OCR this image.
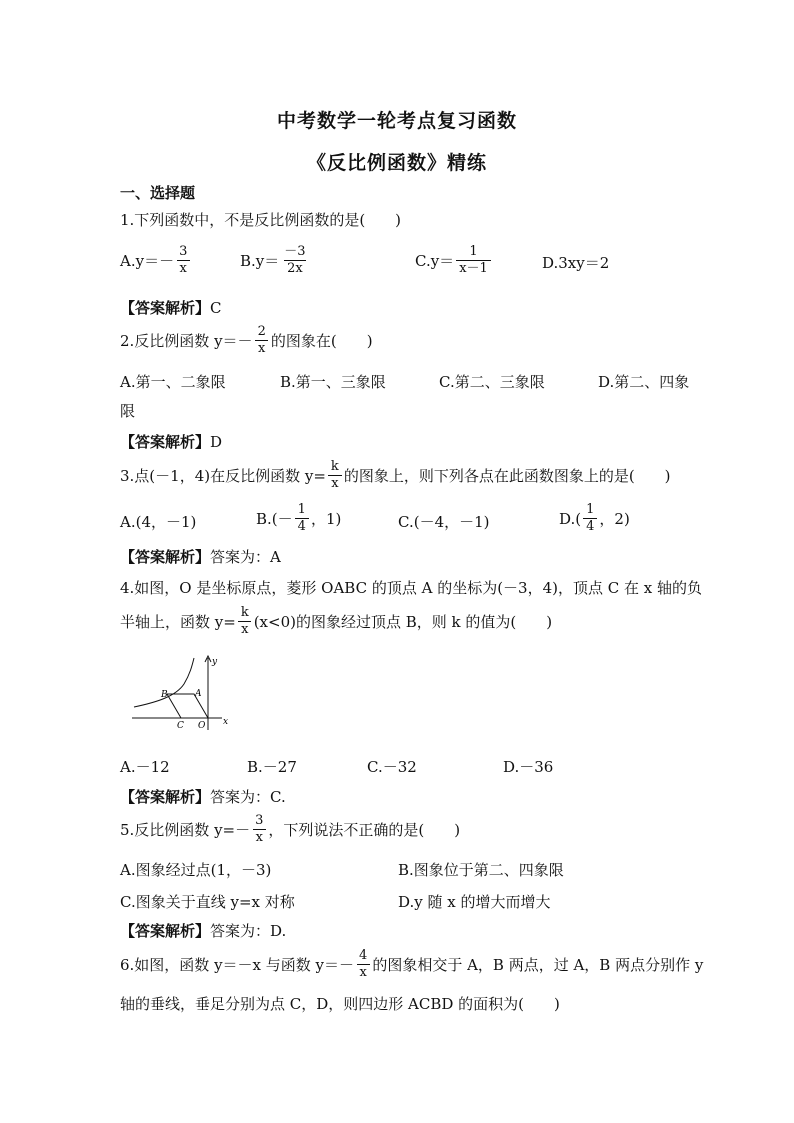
中考数学一轮考点复习函数
《反比例函数》精练
一、选择题
1.下列函数中，不是反比例函数的是(　　)
$A.y=- \frac{3}{x}$	$B.y= \frac{-3}{2x}$	$C.y= \frac{1}{x-1}$	D.3xy＝2
【答案解析】C
2.反比例函数 $y=- \frac{2}{x}$ 的图象在(　　)
A.第一、二象限	B.第一、三象限	C.第二、三象限	D.第二、四象
限
【答案解析】D
3.点(－1，4)在反比例函数 $y= \frac{k}{x}$ 的图象上，则下列各点在此函数图象上的是(　　)
A.(4，－1)	$B.(- \frac{1}{4}$ ，1)	C.(－4，－1)	$D.( \frac{1}{4}$ ，2)
【答案解析】答案为：A
4.如图，O 是坐标原点，菱形 OABC 的顶点 A 的坐标为(－3，4)，顶点 C 在 x 轴的负
半轴上，函数 $y= \frac{k}{x} (x<0)$的图象经过顶点 B，则 k 的值为(　　)
y
x
A
B
C O
A.－12	B.－27	C.－32	D.－36
【答案解析】答案为：C.
5.反比例函数 $y=- \frac{3}{x}$ ，下列说法不正确的是(　　)
A.图象经过点(1，－3)	B.图象位于第二、四象限
C.图象关于直线 y=x 对称	D.y 随 x 的增大而增大
【答案解析】答案为：D.
6.如图，函数 y＝－x 与函数 $y=- \frac{4}{x}$ 的图象相交于 A，B 两点，过 A，B 两点分别作 y
轴的垂线，垂足分别为点 C，D，则四边形 ACBD 的面积为(　　)
